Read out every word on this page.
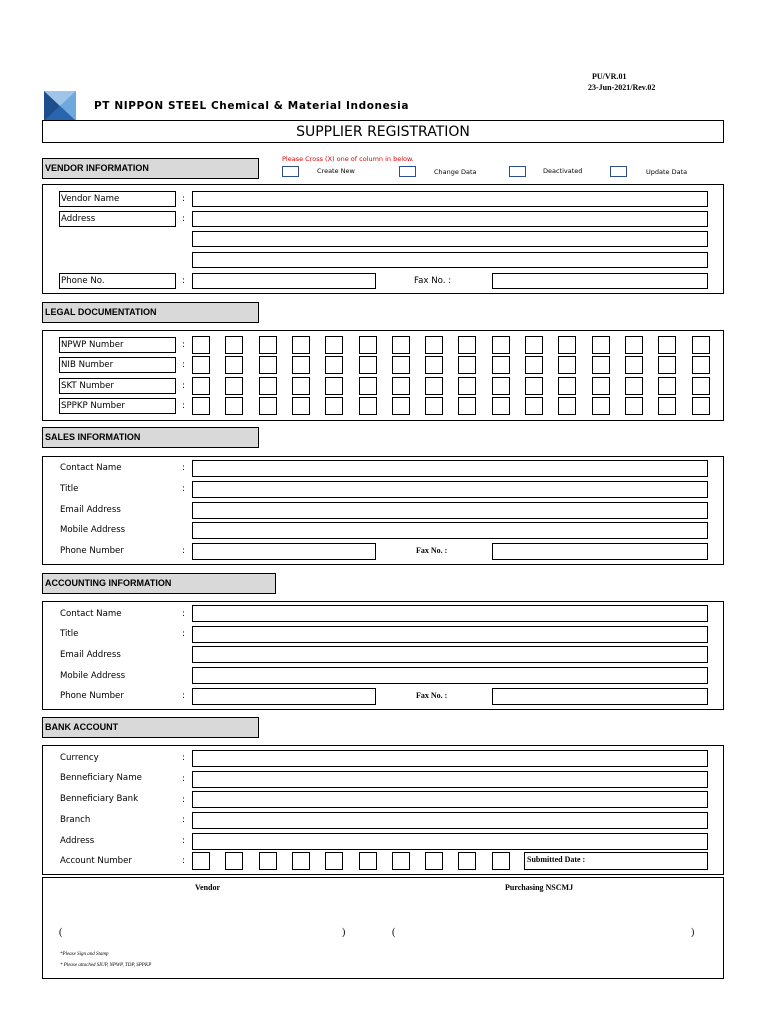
PU/VR.01
23-Jun-2021/Rev.02
PT NIPPON STEEL Chemical & Material Indonesia
SUPPLIER REGISTRATION
VENDOR INFORMATION
Please Cross (X) one of column in below.
Create New	Change Data	Deactivated	Update Data
Vendor Name	:
Address	:
Phone No.	:	Fax No. :
LEGAL DOCUMENTATION
NPWP Number	:
NIB Number	:
SKT Number	:
SPPKP Number	:
SALES INFORMATION
Contact Name	:
Title	:
Email Address
Mobile Address
Phone Number	:	Fax No. :
ACCOUNTING INFORMATION
Contact Name	:
Title	:
Email Address
Mobile Address
Phone Number	:	Fax No. :
BANK ACCOUNT
Currency	:
Benneficiary Name	:
Benneficiary Bank	:
Branch	:
Address	:
Account Number	:	Submitted Date :
Vendor	Purchasing NSCMJ
(	)	(	)
*Please Sign and Stamp
* Please attached SIUP, NPWP, TDP, SPPKP
